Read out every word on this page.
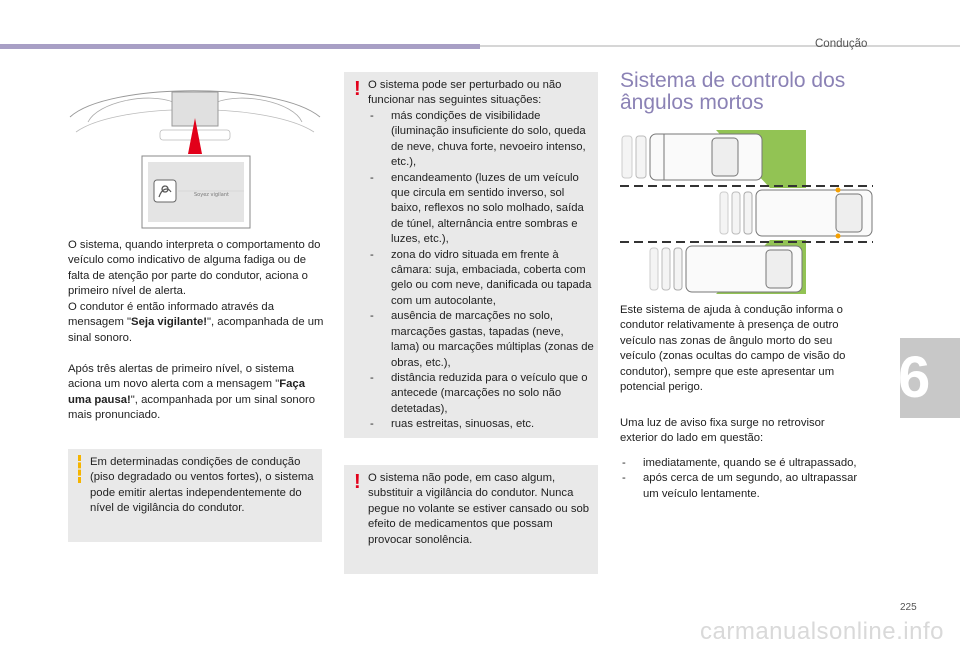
Condução
6
Soyez vigilant

O sistema, quando interpreta o comportamento do veículo como indicativo de alguma fadiga ou de falta de atenção por parte do condutor, aciona o primeiro nível de alerta.

O condutor é então informado através da mensagem "Seja vigilante!", acompanhada de um sinal sonoro.

Após três alertas de primeiro nível, o sistema aciona um novo alerta com a mensagem "Faça uma pausa!", acompanhada por um sinal sonoro mais pronunciado.

Em determinadas condições de condução (piso degradado ou ventos fortes), o sistema pode emitir alertas independentemente do nível de vigilância do condutor.

! O sistema pode ser perturbado ou não funcionar nas seguintes situações:

- más condições de visibilidade (iluminação insuficiente do solo, queda de neve, chuva forte, nevoeiro intenso, etc.),
- encandeamento (luzes de um veículo que circula em sentido inverso, sol baixo, reflexos no solo molhado, saída de túnel, alternância entre sombras e luzes, etc.),
- zona do vidro situada em frente à câmara: suja, embaciada, coberta com gelo ou com neve, danificada ou tapada com um autocolante,
- ausência de marcações no solo, marcações gastas, tapadas (neve, lama) ou marcações múltiplas (zonas de obras, etc.),
- distância reduzida para o veículo que o antecede (marcações no solo não detetadas),
- ruas estreitas, sinuosas, etc.
! O sistema não pode, em caso algum, substituir a vigilância do condutor. Nunca pegue no volante se estiver cansado ou sob efeito de medicamentos que possam provocar sonolência.

Sistema de controlo dos ângulos mortos

Este sistema de ajuda à condução informa o condutor relativamente à presença de outro veículo nas zonas de ângulo morto do seu veículo (zonas ocultas do campo de visão do condutor), sempre que este apresentar um potencial perigo.

Uma luz de aviso fixa surge no retrovisor exterior do lado em questão:

- imediatamente, quando se é ultrapassado,
- após cerca de um segundo, ao ultrapassar um veículo lentamente.
225
carmanualsonline.info
